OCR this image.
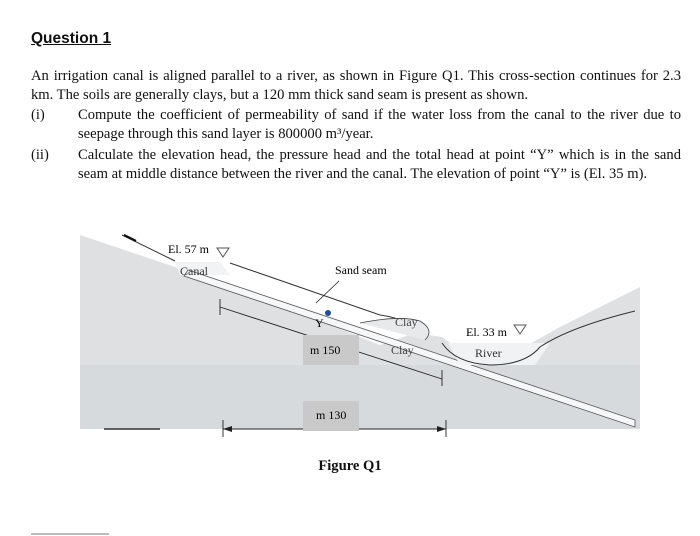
Question 1
An irrigation canal is aligned parallel to a river, as shown in Figure Q1. This cross-section continues for 2.3 km. The soils are generally clays, but a 120 mm thick sand seam is present as shown.
(i) Compute the coefficient of permeability of sand if the water loss from the canal to the river due to seepage through this sand layer is 800000 m³/year.
(ii) Calculate the elevation head, the pressure head and the total head at point “Y” which is in the sand seam at middle distance between the river and the canal. The elevation of point “Y” is (El. 35 m).
El. 57 m
Canal	Sand seam
Y	Clay
m 150	Clay
El. 33 m
River
m 130
Figure Q1
